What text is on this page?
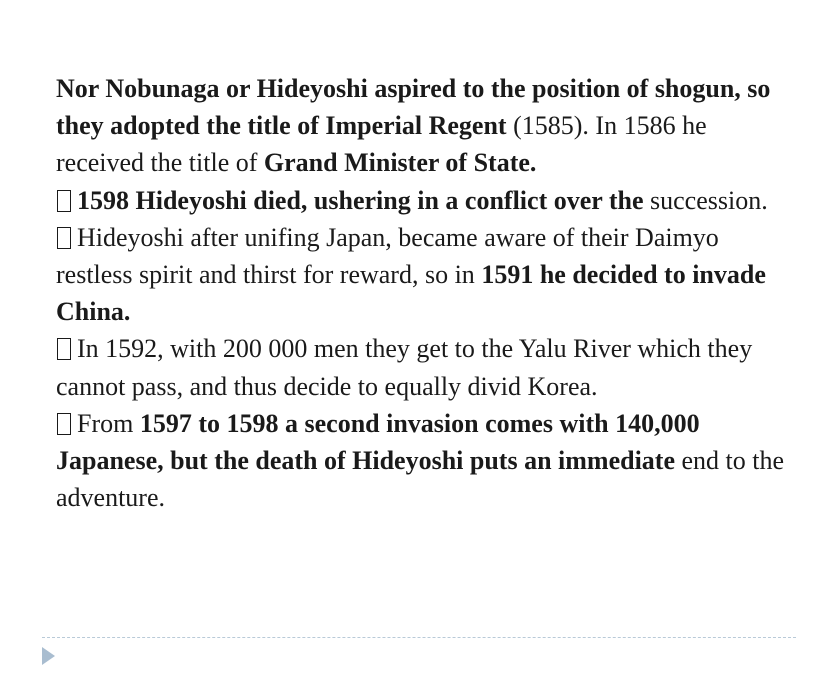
Nor Nobunaga or Hideyoshi aspired to the position of shogun, so they adopted the title of Imperial Regent (1585). In 1586 he received the title of Grand Minister of State.
1598 Hideyoshi died, ushering in a conflict over the succession.
Hideyoshi after unifing Japan, became aware of their Daimyo restless spirit and thirst for reward, so in 1591 he decided to invade China.
In 1592, with 200 000 men they get to the Yalu River which they cannot pass, and thus decide to equally divid Korea.
From 1597 to 1598 a second invasion comes with 140,000 Japanese, but the death of Hideyoshi puts an immediate end to the adventure.
